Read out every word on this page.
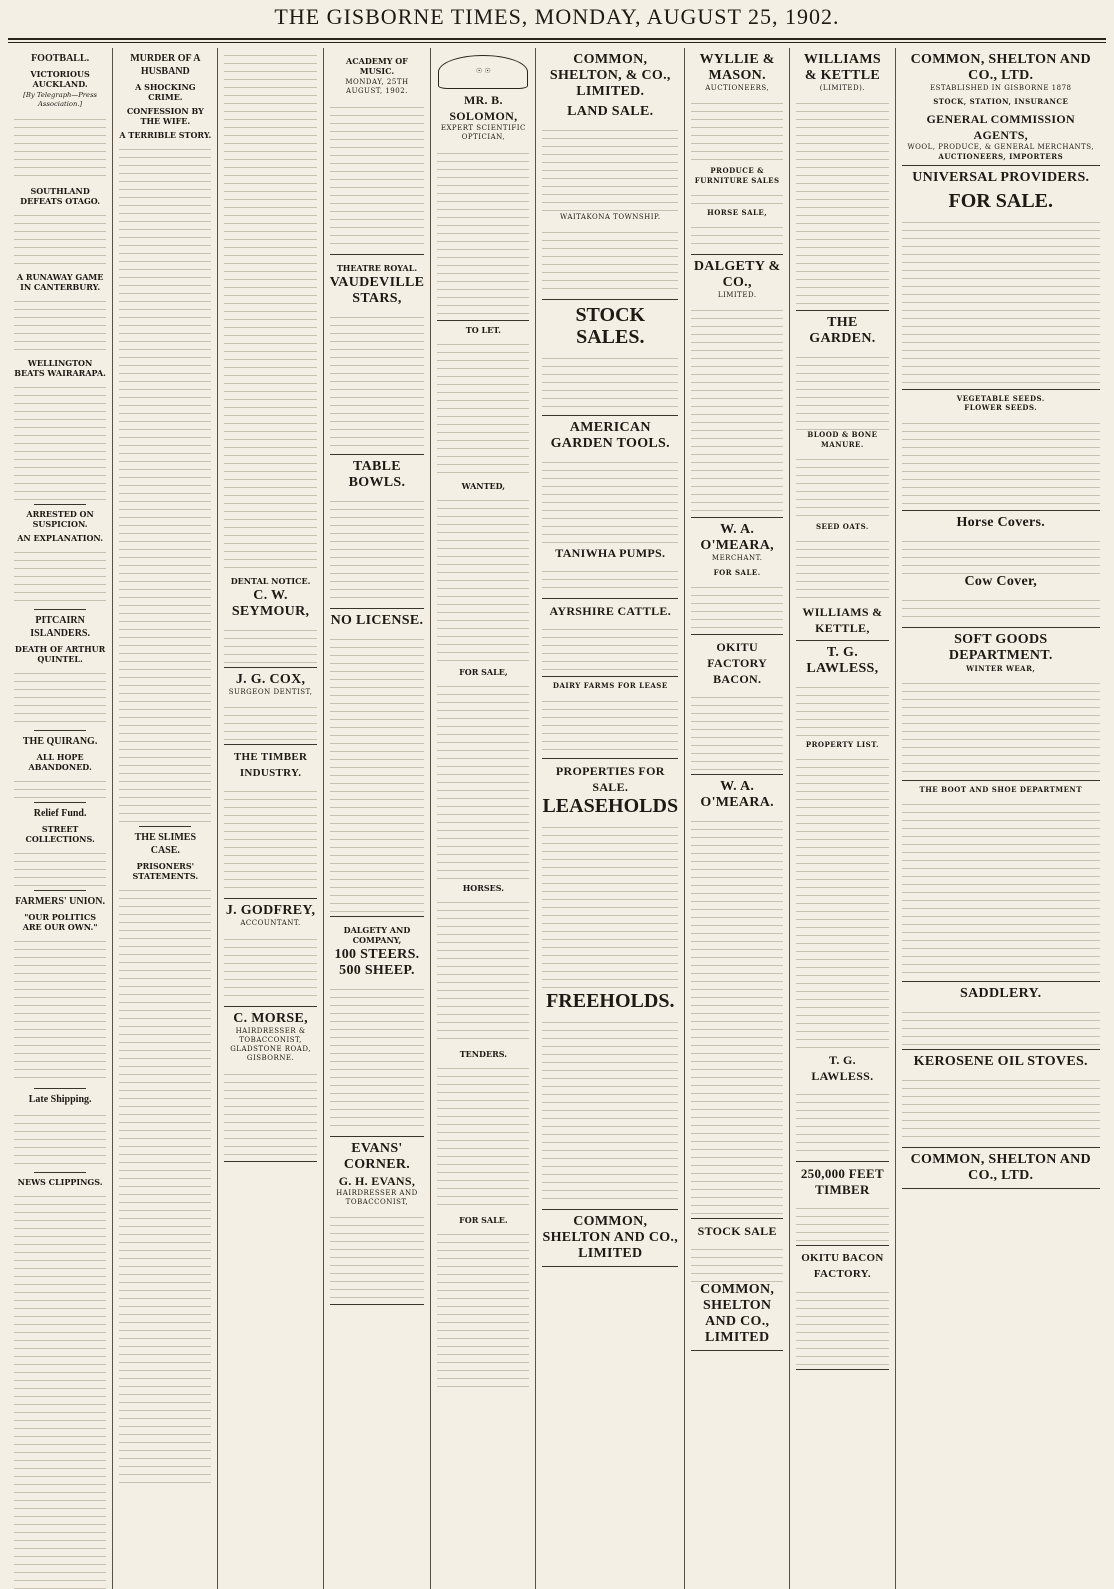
THE GISBORNE TIMES, MONDAY, AUGUST 25, 1902.
FOOTBALL.
VICTORIOUS AUCKLAND.
[By Telegraph—Press Association.]
SOUTHLAND DEFEATS OTAGO.
A RUNAWAY GAME IN CANTERBURY.
WELLINGTON BEATS WAIRARAPA.
ARRESTED ON SUSPICION.
AN EXPLANATION.
PITCAIRN ISLANDERS.
DEATH OF ARTHUR QUINTEL.
THE QUIRANG.
ALL HOPE ABANDONED.
Relief Fund.
STREET COLLECTIONS.
FARMERS' UNION.
"OUR POLITICS ARE OUR OWN."
Late Shipping.
NEWS CLIPPINGS.
MURDER OF A HUSBAND
A SHOCKING CRIME.
CONFESSION BY THE WIFE.
A TERRIBLE STORY.
THE SLIMES CASE.
PRISONERS' STATEMENTS.
DENTAL NOTICE.
C. W. SEYMOUR,
J. G. COX,
SURGEON DENTIST,
THE TIMBER INDUSTRY.
J. GODFREY,
ACCOUNTANT.
C. MORSE,
HAIRDRESSER & TOBACCONIST,
GLADSTONE ROAD, GISBORNE.
ACADEMY OF MUSIC.
MONDAY, 25TH AUGUST, 1902.
THEATRE ROYAL.
VAUDEVILLE STARS,
TABLE BOWLS.
NO LICENSE.
DALGETY AND COMPANY,
100 STEERS. 500 SHEEP.
EVANS' CORNER.
G. H. EVANS,
HAIRDRESSER AND TOBACCONIST,
☉ ☉
MR. B. SOLOMON,
EXPERT SCIENTIFIC OPTICIAN,
TO LET.
WANTED,
FOR SALE,
HORSES.
TENDERS.
FOR SALE.
COMMON, SHELTON, & CO., LIMITED.
LAND SALE.
WAITAKONA TOWNSHIP.
STOCK SALES.
AMERICAN GARDEN TOOLS.
TANIWHA PUMPS.
AYRSHIRE CATTLE.
DAIRY FARMS FOR LEASE
PROPERTIES FOR SALE.
LEASEHOLDS
FREEHOLDS.
COMMON, SHELTON AND CO., LIMITED
WYLLIE & MASON.
AUCTIONEERS,
PRODUCE & FURNITURE SALES
HORSE SALE,
DALGETY & CO.,
LIMITED.
W. A. O'MEARA,
MERCHANT.
FOR SALE.
OKITU FACTORY BACON.
W. A. O'MEARA.
STOCK SALE
COMMON, SHELTON AND CO., LIMITED
WILLIAMS & KETTLE
(LIMITED).
THE GARDEN.
BLOOD & BONE MANURE.
SEED OATS.
WILLIAMS & KETTLE,
T. G. LAWLESS,
PROPERTY LIST.
T. G. LAWLESS.
250,000 FEET TIMBER
OKITU BACON FACTORY.
COMMON, SHELTON AND CO., LTD.
ESTABLISHED IN GISBORNE 1878
STOCK, STATION, INSURANCE
GENERAL COMMISSION AGENTS,
WOOL, PRODUCE, & GENERAL MERCHANTS,
AUCTIONEERS, IMPORTERS
UNIVERSAL PROVIDERS.
FOR SALE.
VEGETABLE SEEDS.
FLOWER SEEDS.
Horse Covers.
Cow Cover,
SOFT GOODS DEPARTMENT.
WINTER WEAR,
THE BOOT AND SHOE DEPARTMENT
SADDLERY.
KEROSENE OIL STOVES.
COMMON, SHELTON AND CO., LTD.
